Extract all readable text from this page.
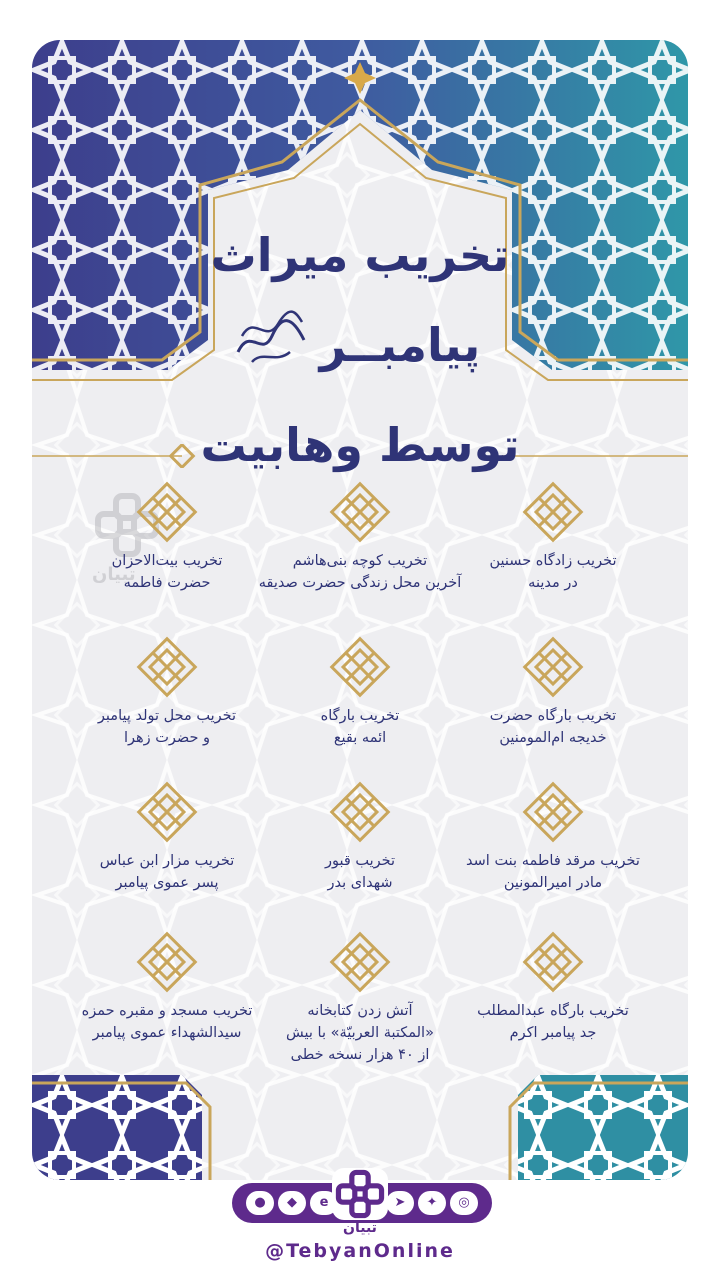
تخریب میراث
پیامبــر
توسط وهابیت
تبیان
تخریب زادگاه حسنین
در مدینه
تخریب کوچه بنی‌هاشم
آخرین محل زندگی حضرت صدیقه
تخریب بیت‌الاحزان
حضرت فاطمه
تخریب بارگاه حضرت
خدیجه ام‌المومنین
تخریب بارگاه
ائمه بقیع
تخریب محل تولد پیامبر
و حضرت زهرا
تخریب مرقد فاطمه بنت اسد
مادر امیرالمونین
تخریب قبور
شهدای بدر
تخریب مزار ابن عباس
پسر عموی پیامبر
تخریب بارگاه عبدالمطلب
جد پیامبر اکرم
آتش زدن کتابخانه
«المکتبة العربیّة» با بیش
از ۴۰ هزار نسخه خطی
تخریب مسجد و مقبره حمزه
سیدالشهداء عموی پیامبر
◎
✦
➤
e
◆
●
تبیان
@TebyanOnline
